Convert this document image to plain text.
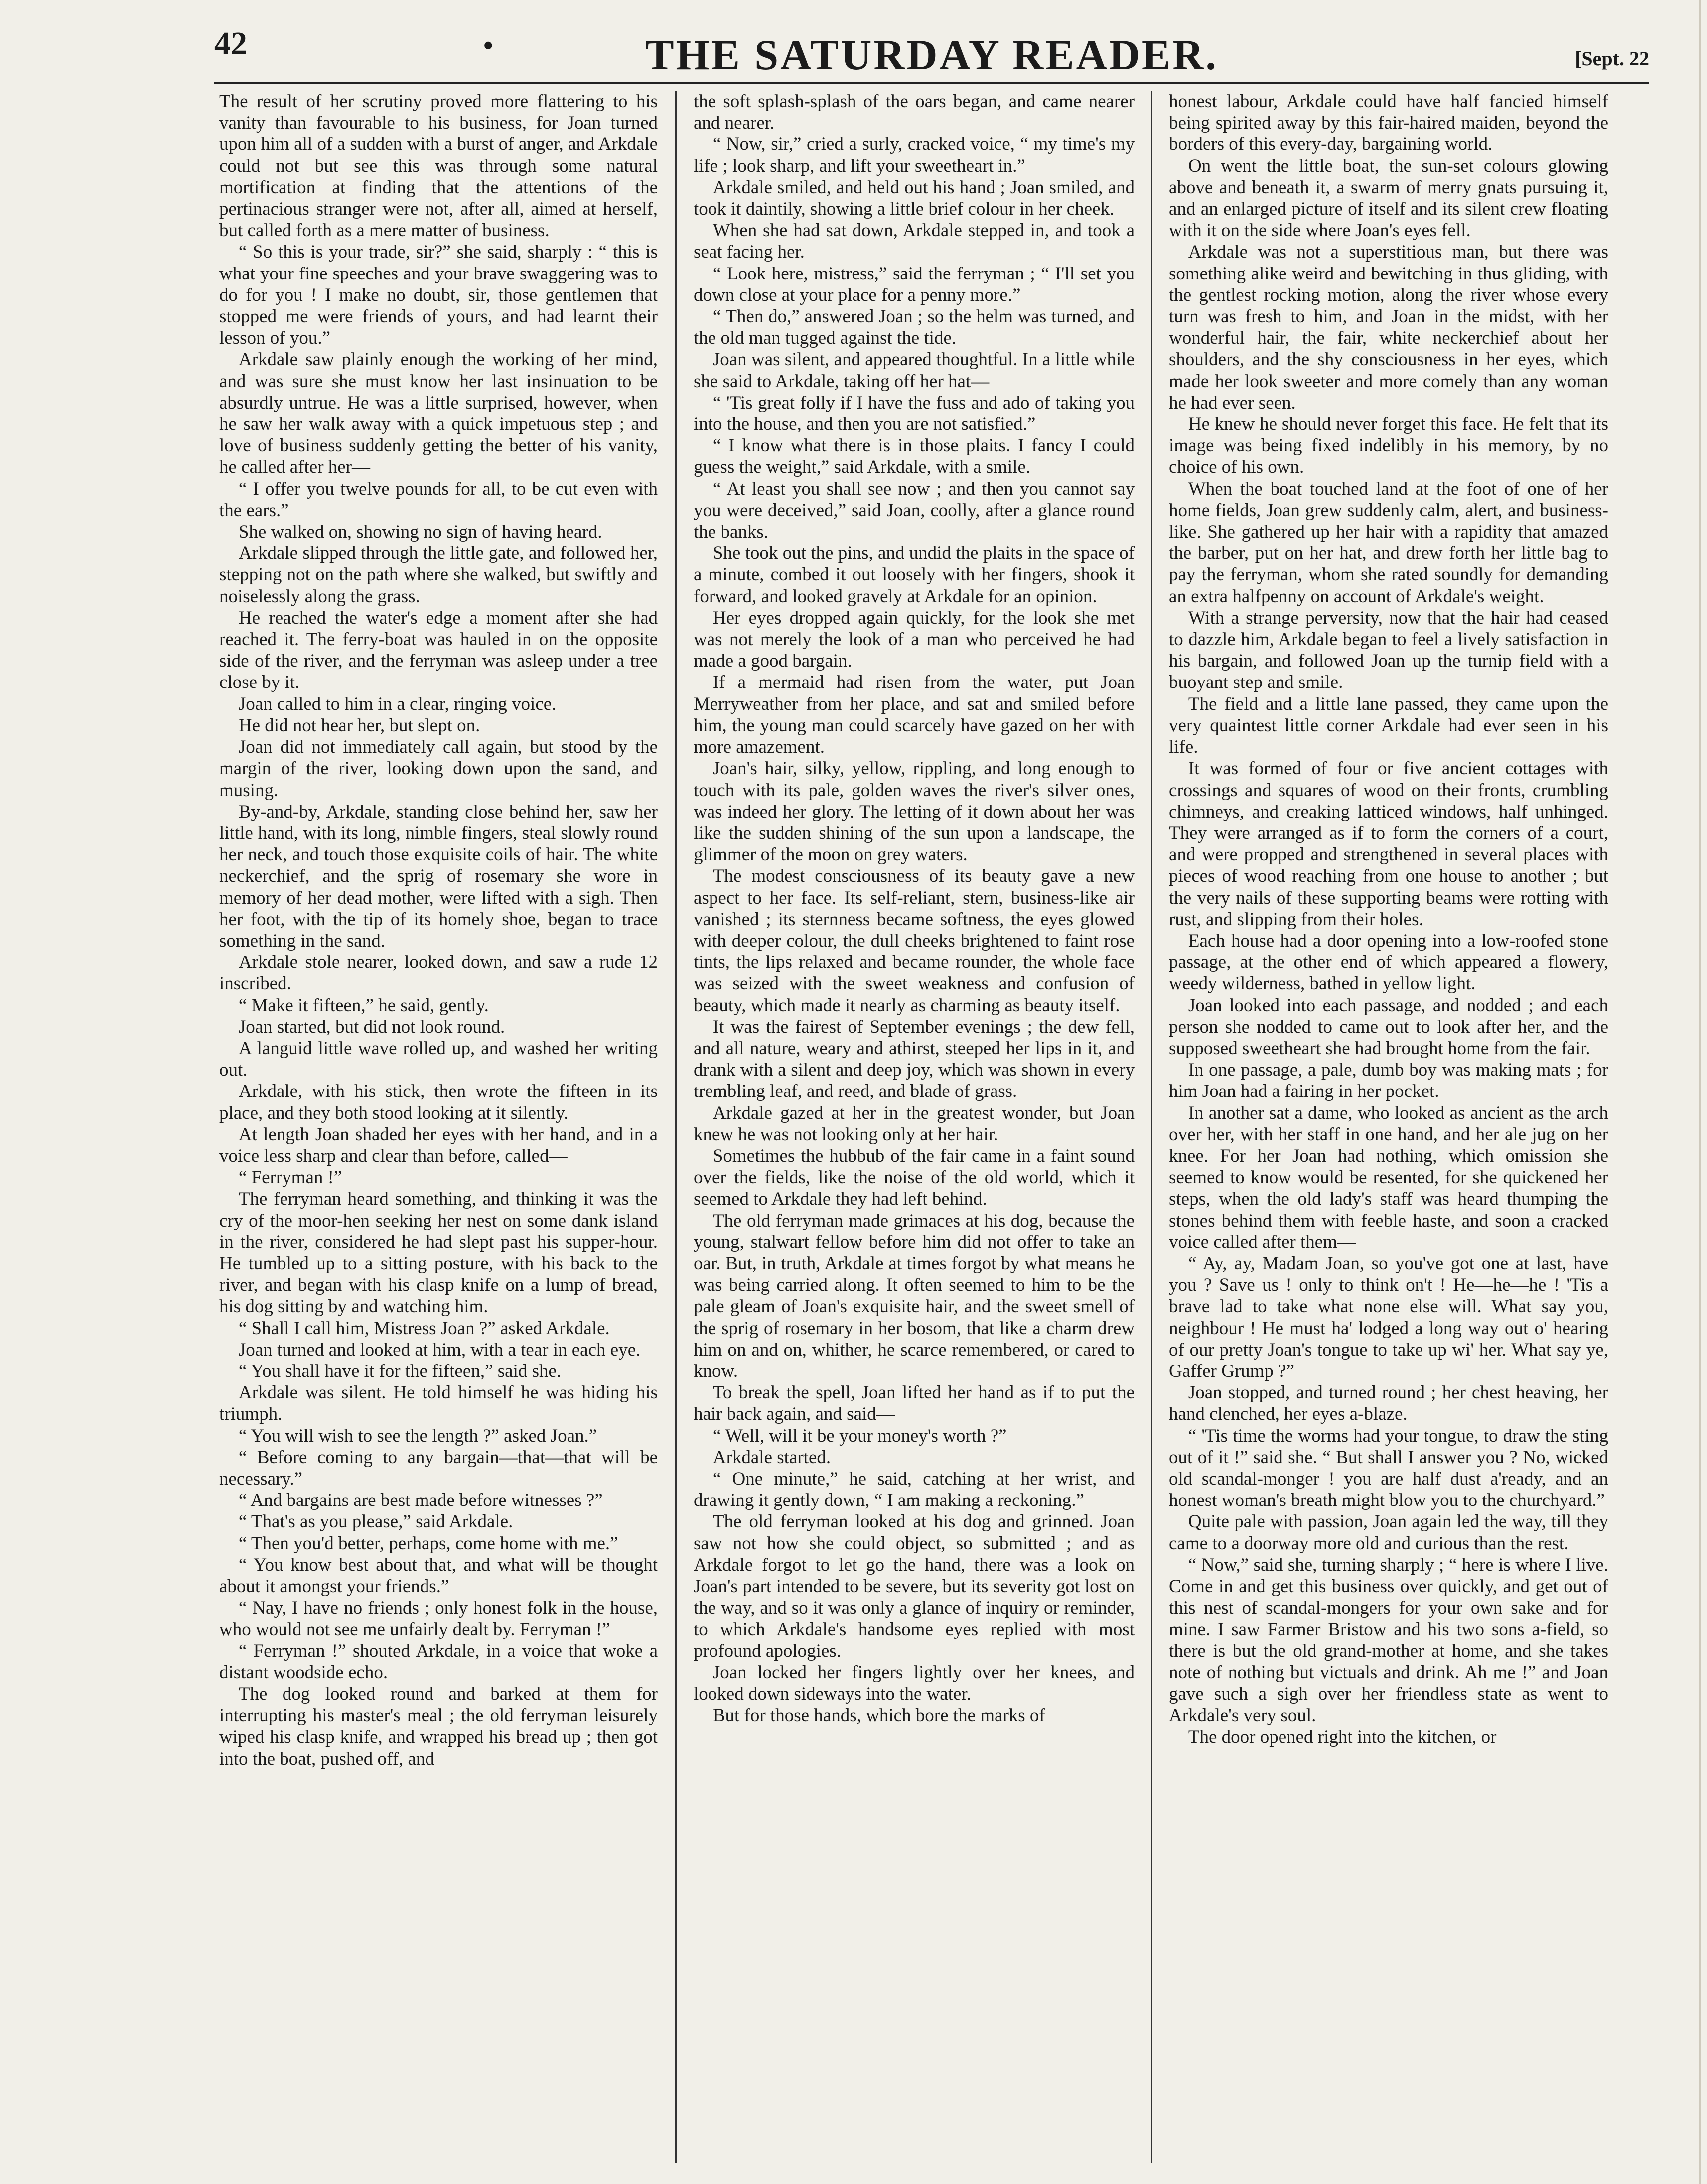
42	•	THE SATURDAY READER.	[Sept. 22

The result of her scrutiny proved more flattering to his vanity than favourable to his business, for Joan turned upon him all of a sudden with a burst of anger, and Arkdale could not but see this was through some natural mortification at finding that the attentions of the pertinacious stranger were not, after all, aimed at herself, but called forth as a mere matter of business.

“ So this is your trade, sir?” she said, sharply : “ this is what your fine speeches and your brave swaggering was to do for you ! I make no doubt, sir, those gentlemen that stopped me were friends of yours, and had learnt their lesson of you.”

Arkdale saw plainly enough the working of her mind, and was sure she must know her last insinuation to be absurdly untrue. He was a little surprised, however, when he saw her walk away with a quick impetuous step ; and love of business suddenly getting the better of his vanity, he called after her—

“ I offer you twelve pounds for all, to be cut even with the ears.”

She walked on, showing no sign of having heard.

Arkdale slipped through the little gate, and followed her, stepping not on the path where she walked, but swiftly and noiselessly along the grass.

He reached the water's edge a moment after she had reached it. The ferry-boat was hauled in on the opposite side of the river, and the ferryman was asleep under a tree close by it.

Joan called to him in a clear, ringing voice.

He did not hear her, but slept on.

Joan did not immediately call again, but stood by the margin of the river, looking down upon the sand, and musing.

By-and-by, Arkdale, standing close behind her, saw her little hand, with its long, nimble fingers, steal slowly round her neck, and touch those exquisite coils of hair. The white neckerchief, and the sprig of rosemary she wore in memory of her dead mother, were lifted with a sigh. Then her foot, with the tip of its homely shoe, began to trace something in the sand.

Arkdale stole nearer, looked down, and saw a rude 12 inscribed.

“ Make it fifteen,” he said, gently.

Joan started, but did not look round.

A languid little wave rolled up, and washed her writing out.

Arkdale, with his stick, then wrote the fifteen in its place, and they both stood looking at it silently.

At length Joan shaded her eyes with her hand, and in a voice less sharp and clear than before, called—

“ Ferryman !”

The ferryman heard something, and thinking it was the cry of the moor-hen seeking her nest on some dank island in the river, considered he had slept past his supper-hour. He tumbled up to a sitting posture, with his back to the river, and began with his clasp knife on a lump of bread, his dog sitting by and watching him.

“ Shall I call him, Mistress Joan ?” asked Arkdale.

Joan turned and looked at him, with a tear in each eye.

“ You shall have it for the fifteen,” said she.

Arkdale was silent. He told himself he was hiding his triumph.

“ You will wish to see the length ?” asked Joan.”

“ Before coming to any bargain—that—that will be necessary.”

“ And bargains are best made before witnesses ?”

“ That's as you please,” said Arkdale.

“ Then you'd better, perhaps, come home with me.”

“ You know best about that, and what will be thought about it amongst your friends.”

“ Nay, I have no friends ; only honest folk in the house, who would not see me unfairly dealt by. Ferryman !”

“ Ferryman !” shouted Arkdale, in a voice that woke a distant woodside echo.

The dog looked round and barked at them for interrupting his master's meal ; the old ferryman leisurely wiped his clasp knife, and wrapped his bread up ; then got into the boat, pushed off, and

the soft splash-splash of the oars began, and came nearer and nearer.

“ Now, sir,” cried a surly, cracked voice, “ my time's my life ; look sharp, and lift your sweetheart in.”

Arkdale smiled, and held out his hand ; Joan smiled, and took it daintily, showing a little brief colour in her cheek.

When she had sat down, Arkdale stepped in, and took a seat facing her.

“ Look here, mistress,” said the ferryman ; “ I'll set you down close at your place for a penny more.”

“ Then do,” answered Joan ; so the helm was turned, and the old man tugged against the tide.

Joan was silent, and appeared thoughtful. In a little while she said to Arkdale, taking off her hat—

“ 'Tis great folly if I have the fuss and ado of taking you into the house, and then you are not satisfied.”

“ I know what there is in those plaits. I fancy I could guess the weight,” said Arkdale, with a smile.

“ At least you shall see now ; and then you cannot say you were deceived,” said Joan, coolly, after a glance round the banks.

She took out the pins, and undid the plaits in the space of a minute, combed it out loosely with her fingers, shook it forward, and looked gravely at Arkdale for an opinion.

Her eyes dropped again quickly, for the look she met was not merely the look of a man who perceived he had made a good bargain.

If a mermaid had risen from the water, put Joan Merryweather from her place, and sat and smiled before him, the young man could scarcely have gazed on her with more amazement.

Joan's hair, silky, yellow, rippling, and long enough to touch with its pale, golden waves the river's silver ones, was indeed her glory. The letting of it down about her was like the sudden shining of the sun upon a landscape, the glimmer of the moon on grey waters.

The modest consciousness of its beauty gave a new aspect to her face. Its self-reliant, stern, business-like air vanished ; its sternness became softness, the eyes glowed with deeper colour, the dull cheeks brightened to faint rose tints, the lips relaxed and became rounder, the whole face was seized with the sweet weakness and confusion of beauty, which made it nearly as charming as beauty itself.

It was the fairest of September evenings ; the dew fell, and all nature, weary and athirst, steeped her lips in it, and drank with a silent and deep joy, which was shown in every trembling leaf, and reed, and blade of grass.

Arkdale gazed at her in the greatest wonder, but Joan knew he was not looking only at her hair.

Sometimes the hubbub of the fair came in a faint sound over the fields, like the noise of the old world, which it seemed to Arkdale they had left behind.

The old ferryman made grimaces at his dog, because the young, stalwart fellow before him did not offer to take an oar. But, in truth, Arkdale at times forgot by what means he was being carried along. It often seemed to him to be the pale gleam of Joan's exquisite hair, and the sweet smell of the sprig of rosemary in her bosom, that like a charm drew him on and on, whither, he scarce remembered, or cared to know.

To break the spell, Joan lifted her hand as if to put the hair back again, and said—

“ Well, will it be your money's worth ?”

Arkdale started.

“ One minute,” he said, catching at her wrist, and drawing it gently down, “ I am making a reckoning.”

The old ferryman looked at his dog and grinned. Joan saw not how she could object, so submitted ; and as Arkdale forgot to let go the hand, there was a look on Joan's part intended to be severe, but its severity got lost on the way, and so it was only a glance of inquiry or reminder, to which Arkdale's handsome eyes replied with most profound apologies.

Joan locked her fingers lightly over her knees, and looked down sideways into the water.

But for those hands, which bore the marks of

honest labour, Arkdale could have half fancied himself being spirited away by this fair-haired maiden, beyond the borders of this every-day, bargaining world.

On went the little boat, the sun-set colours glowing above and beneath it, a swarm of merry gnats pursuing it, and an enlarged picture of itself and its silent crew floating with it on the side where Joan's eyes fell.

Arkdale was not a superstitious man, but there was something alike weird and bewitching in thus gliding, with the gentlest rocking motion, along the river whose every turn was fresh to him, and Joan in the midst, with her wonderful hair, the fair, white neckerchief about her shoulders, and the shy consciousness in her eyes, which made her look sweeter and more comely than any woman he had ever seen.

He knew he should never forget this face. He felt that its image was being fixed indelibly in his memory, by no choice of his own.

When the boat touched land at the foot of one of her home fields, Joan grew suddenly calm, alert, and business-like. She gathered up her hair with a rapidity that amazed the barber, put on her hat, and drew forth her little bag to pay the ferryman, whom she rated soundly for demanding an extra halfpenny on account of Arkdale's weight.

With a strange perversity, now that the hair had ceased to dazzle him, Arkdale began to feel a lively satisfaction in his bargain, and followed Joan up the turnip field with a buoyant step and smile.

The field and a little lane passed, they came upon the very quaintest little corner Arkdale had ever seen in his life.

It was formed of four or five ancient cottages with crossings and squares of wood on their fronts, crumbling chimneys, and creaking latticed windows, half unhinged. They were arranged as if to form the corners of a court, and were propped and strengthened in several places with pieces of wood reaching from one house to another ; but the very nails of these supporting beams were rotting with rust, and slipping from their holes.

Each house had a door opening into a low-roofed stone passage, at the other end of which appeared a flowery, weedy wilderness, bathed in yellow light.

Joan looked into each passage, and nodded ; and each person she nodded to came out to look after her, and the supposed sweetheart she had brought home from the fair.

In one passage, a pale, dumb boy was making mats ; for him Joan had a fairing in her pocket.

In another sat a dame, who looked as ancient as the arch over her, with her staff in one hand, and her ale jug on her knee. For her Joan had nothing, which omission she seemed to know would be resented, for she quickened her steps, when the old lady's staff was heard thumping the stones behind them with feeble haste, and soon a cracked voice called after them—

“ Ay, ay, Madam Joan, so you've got one at last, have you ? Save us ! only to think on't ! He—he—he ! 'Tis a brave lad to take what none else will. What say you, neighbour ! He must ha' lodged a long way out o' hearing of our pretty Joan's tongue to take up wi' her. What say ye, Gaffer Grump ?”

Joan stopped, and turned round ; her chest heaving, her hand clenched, her eyes a-blaze.

“ 'Tis time the worms had your tongue, to draw the sting out of it !” said she. “ But shall I answer you ? No, wicked old scandal-monger ! you are half dust a'ready, and an honest woman's breath might blow you to the churchyard.”

Quite pale with passion, Joan again led the way, till they came to a doorway more old and curious than the rest.

“ Now,” said she, turning sharply ; “ here is where I live. Come in and get this business over quickly, and get out of this nest of scandal-mongers for your own sake and for mine. I saw Farmer Bristow and his two sons a-field, so there is but the old grand-mother at home, and she takes note of nothing but victuals and drink. Ah me !” and Joan gave such a sigh over her friendless state as went to Arkdale's very soul.

The door opened right into the kitchen, or
